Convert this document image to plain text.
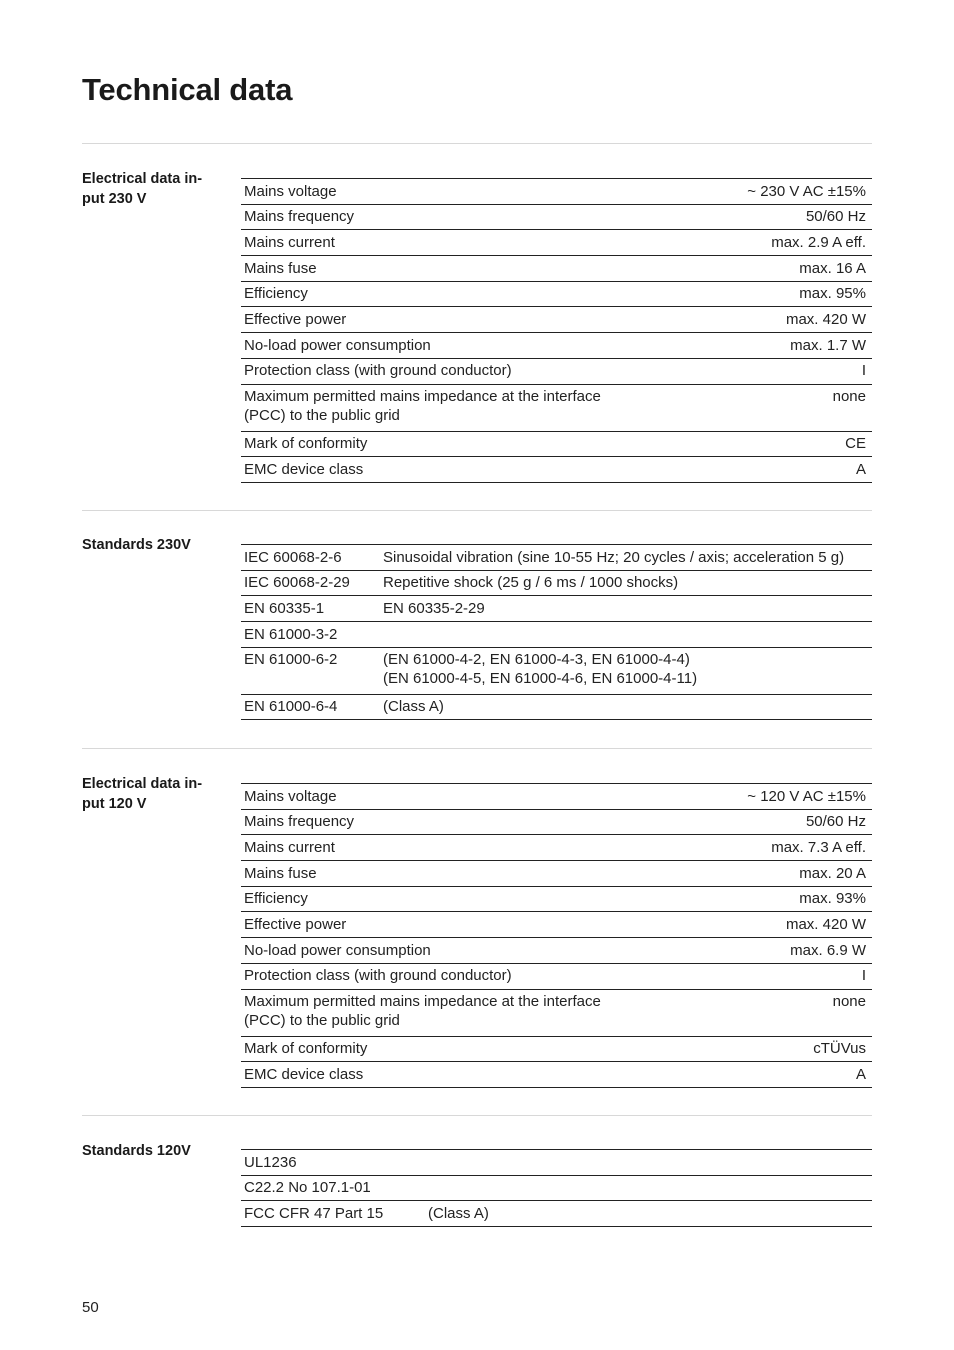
Technical data
Electrical data in-
put 230 V	Mains voltage	~ 230 V AC ±15%
Mains frequency	50/60 Hz
Mains current	max. 2.9 A eff.
Mains fuse	max. 16 A
Efficiency	max. 95%
Effective power	max. 420 W
No-load power consumption	max. 1.7 W
Protection class (with ground conductor)	I
Maximum permitted mains impedance at the interface
(PCC) to the public grid	none
Mark of conformity	CE
EMC device class	A
Standards 230V
IEC 60068-2-6	Sinusoidal vibration (sine 10-55 Hz; 20 cycles / axis; acceleration 5 g)

IEC 60068-2-29	Repetitive shock (25 g / 6 ms / 1000 shocks)

EN 60335-1	EN 60335-2-29

EN 61000-3-2	

EN 61000-6-2	(EN 61000-4-2, EN 61000-4-3, EN 61000-4-4)
(EN 61000-4-5, EN 61000-4-6, EN 61000-4-11)

EN 61000-6-4	(Class A)
Electrical data in-
put 120 V	Mains voltage	~ 120 V AC ±15%
Mains frequency	50/60 Hz
Mains current	max. 7.3 A eff.
Mains fuse	max. 20 A
Efficiency	max. 93%
Effective power	max. 420 W
No-load power consumption	max. 6.9 W
Protection class (with ground conductor)	I
Maximum permitted mains impedance at the interface
(PCC) to the public grid	none
Mark of conformity	cTÜVus
EMC device class	A
Standards 120V
UL1236	
C22.2 No 107.1-01	
FCC CFR 47 Part 15	(Class A)
50
